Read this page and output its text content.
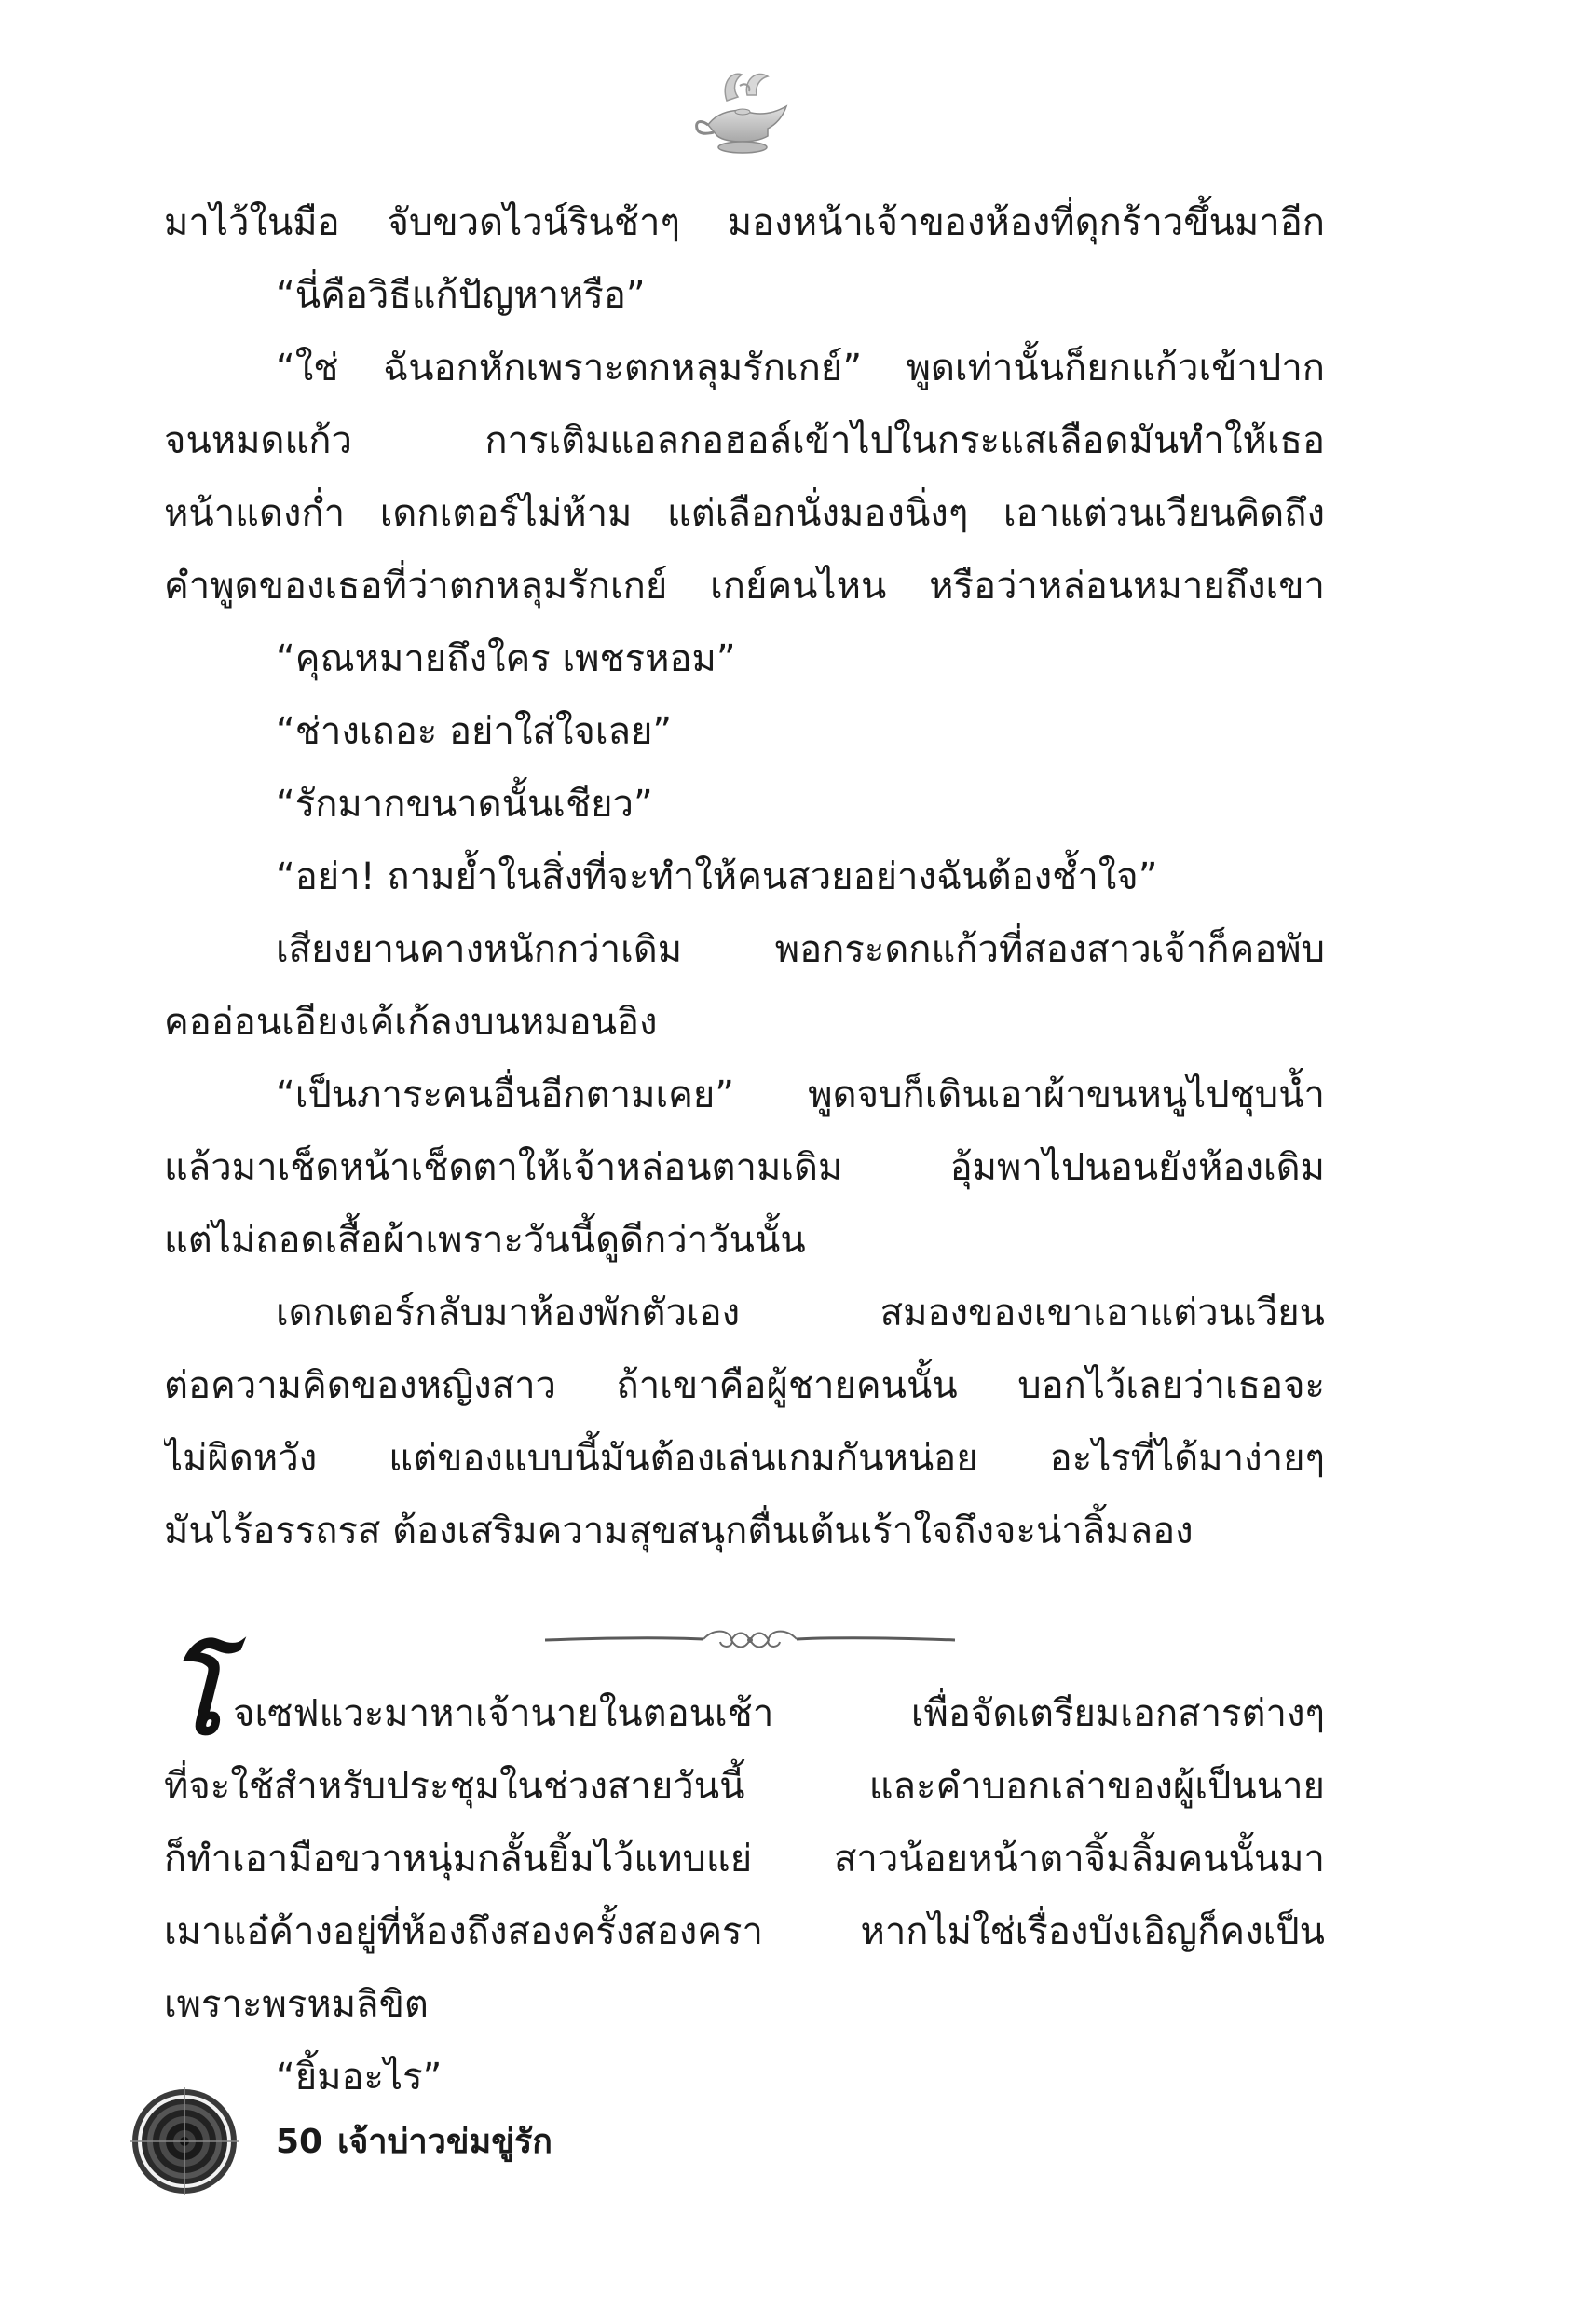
มาไว้ในมือ จับขวดไวน์รินช้าๆ มองหน้าเจ้าของห้องที่ดุกร้าวขึ้นมาอีก
“นี่คือวิธีแก้ปัญหาหรือ”
“ใช่ ฉันอกหักเพราะตกหลุมรักเกย์” พูดเท่านั้นก็ยกแก้วเข้าปาก
จนหมดแก้ว การเติมแอลกอฮอล์เข้าไปในกระแสเลือดมันทำให้เธอ
หน้าแดงก่ำ เดกเตอร์ไม่ห้าม แต่เลือกนั่งมองนิ่งๆ เอาแต่วนเวียนคิดถึง
คำพูดของเธอที่ว่าตกหลุมรักเกย์ เกย์คนไหน หรือว่าหล่อนหมายถึงเขา
“คุณหมายถึงใคร เพชรหอม”
“ช่างเถอะ อย่าใส่ใจเลย”
“รักมากขนาดนั้นเชียว”
“อย่า! ถามย้ำในสิ่งที่จะทำให้คนสวยอย่างฉันต้องช้ำใจ”
เสียงยานคางหนักกว่าเดิม พอกระดกแก้วที่สองสาวเจ้าก็คอพับ
คออ่อนเอียงเค้เก้ลงบนหมอนอิง
“เป็นภาระคนอื่นอีกตามเคย” พูดจบก็เดินเอาผ้าขนหนูไปชุบน้ำ
แล้วมาเช็ดหน้าเช็ดตาให้เจ้าหล่อนตามเดิม อุ้มพาไปนอนยังห้องเดิม
แต่ไม่ถอดเสื้อผ้าเพราะวันนี้ดูดีกว่าวันนั้น
เดกเตอร์กลับมาห้องพักตัวเอง สมองของเขาเอาแต่วนเวียน
ต่อความคิดของหญิงสาว ถ้าเขาคือผู้ชายคนนั้น บอกไว้เลยว่าเธอจะ
ไม่ผิดหวัง แต่ของแบบนี้มันต้องเล่นเกมกันหน่อย อะไรที่ได้มาง่ายๆ
มันไร้อรรถรส ต้องเสริมความสุขสนุกตื่นเต้นเร้าใจถึงจะน่าลิ้มลอง
โ จเซฟแวะมาหาเจ้านายในตอนเช้า เพื่อจัดเตรียมเอกสารต่างๆ
ที่จะใช้สำหรับประชุมในช่วงสายวันนี้ และคำบอกเล่าของผู้เป็นนาย
ก็ทำเอามือขวาหนุ่มกลั้นยิ้มไว้แทบแย่ สาวน้อยหน้าตาจิ้มลิ้มคนนั้นมา
เมาแอ๋ค้างอยู่ที่ห้องถึงสองครั้งสองครา หากไม่ใช่เรื่องบังเอิญก็คงเป็น
เพราะพรหมลิขิต
“ยิ้มอะไร”
50 เจ้าบ่าวข่มขู่รัก
